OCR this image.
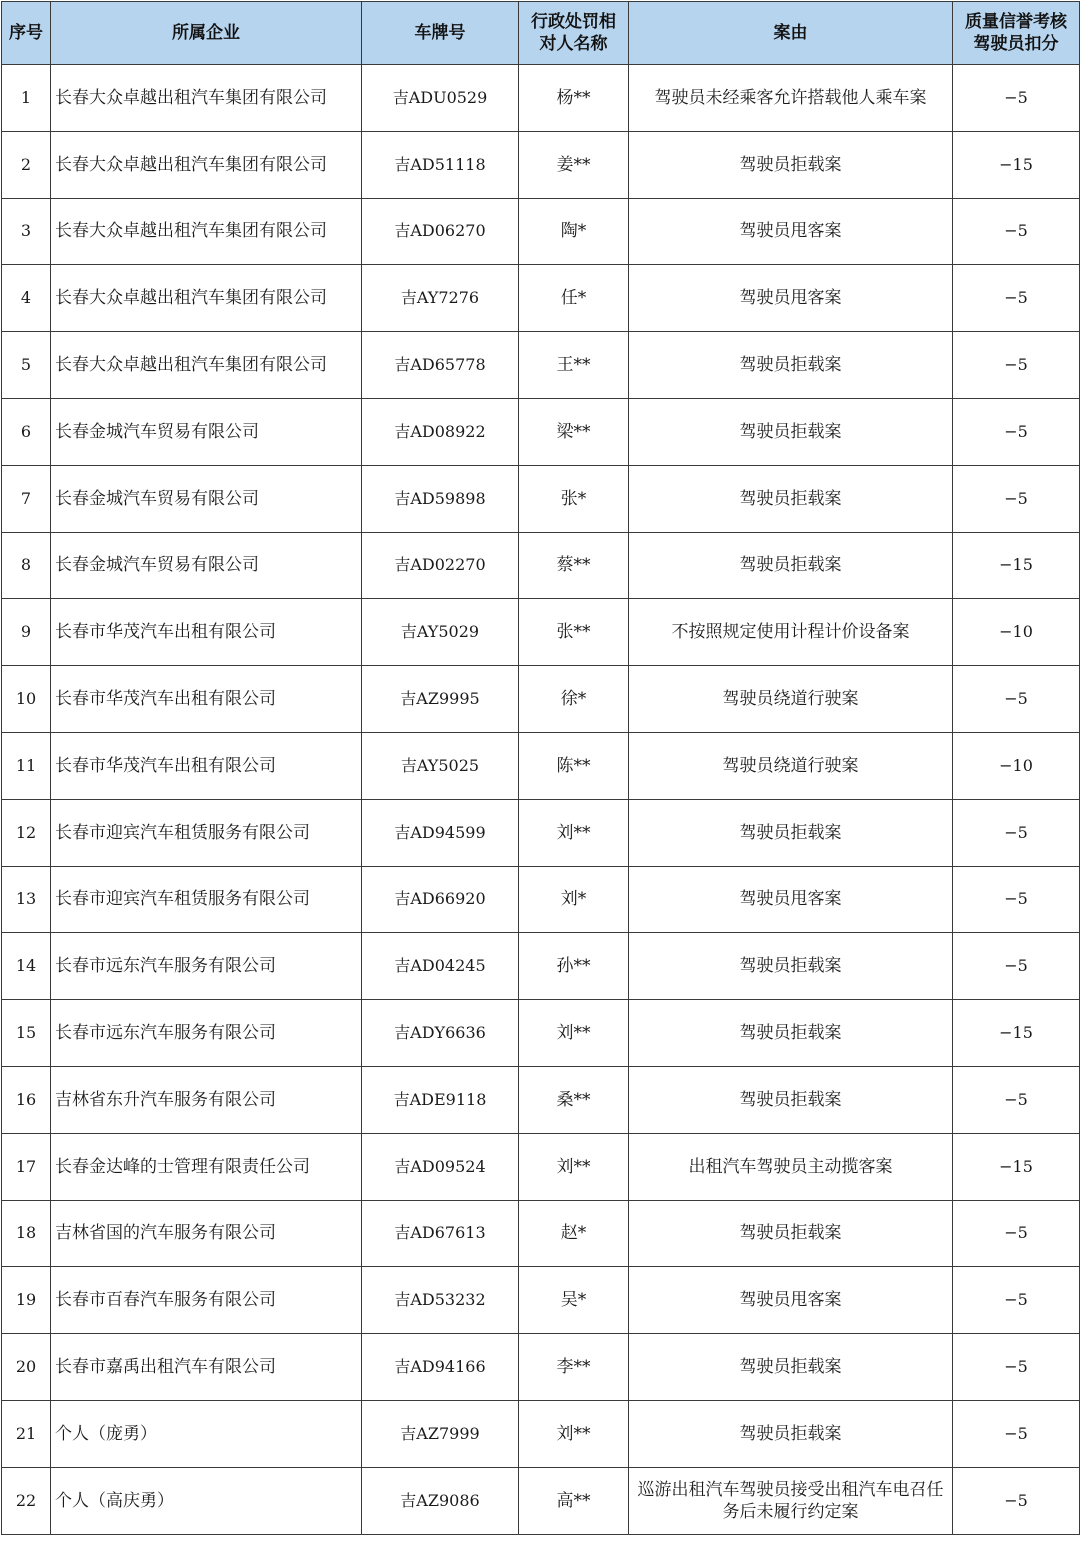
序号	所属企业	车牌号	行政处罚相对人名称	案由	质量信誉考核驾驶员扣分
1	长春大众卓越出租汽车集团有限公司	吉ADU0529	杨**	驾驶员未经乘客允许搭载他人乘车案	−5
2	长春大众卓越出租汽车集团有限公司	吉AD51118	姜**	驾驶员拒载案	−15
3	长春大众卓越出租汽车集团有限公司	吉AD06270	陶*	驾驶员甩客案	−5
4	长春大众卓越出租汽车集团有限公司	吉AY7276	任*	驾驶员甩客案	−5
5	长春大众卓越出租汽车集团有限公司	吉AD65778	王**	驾驶员拒载案	−5
6	长春金城汽车贸易有限公司	吉AD08922	梁**	驾驶员拒载案	−5
7	长春金城汽车贸易有限公司	吉AD59898	张*	驾驶员拒载案	−5
8	长春金城汽车贸易有限公司	吉AD02270	蔡**	驾驶员拒载案	−15
9	长春市华茂汽车出租有限公司	吉AY5029	张**	不按照规定使用计程计价设备案	−10
10	长春市华茂汽车出租有限公司	吉AZ9995	徐*	驾驶员绕道行驶案	−5
11	长春市华茂汽车出租有限公司	吉AY5025	陈**	驾驶员绕道行驶案	−10
12	长春市迎宾汽车租赁服务有限公司	吉AD94599	刘**	驾驶员拒载案	−5
13	长春市迎宾汽车租赁服务有限公司	吉AD66920	刘*	驾驶员甩客案	−5
14	长春市远东汽车服务有限公司	吉AD04245	孙**	驾驶员拒载案	−5
15	长春市远东汽车服务有限公司	吉ADY6636	刘**	驾驶员拒载案	−15
16	吉林省东升汽车服务有限公司	吉ADE9118	桑**	驾驶员拒载案	−5
17	长春金达峰的士管理有限责任公司	吉AD09524	刘**	出租汽车驾驶员主动揽客案	−15
18	吉林省国的汽车服务有限公司	吉AD67613	赵*	驾驶员拒载案	−5
19	长春市百春汽车服务有限公司	吉AD53232	吴*	驾驶员甩客案	−5
20	长春市嘉禹出租汽车有限公司	吉AD94166	李**	驾驶员拒载案	−5
21	个人（庞勇）	吉AZ7999	刘**	驾驶员拒载案	−5
22	个人（高庆勇）	吉AZ9086	高**	巡游出租汽车驾驶员接受出租汽车电召任务后未履行约定案	−5
